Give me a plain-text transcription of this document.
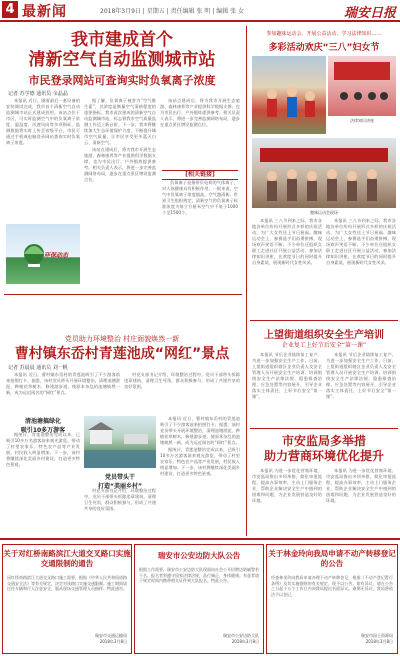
4 最新闻	2018年3月9日 | 星期五 | 责任编辑 张 明 | 编辑 张 女	瑞安日报
我市建成首个
清新空气自动监测城市站
市民登录网站可查询实时负氧离子浓度
记者 苏学德 通讯员 余晶晶

本报讯 近日，随着最后一套设备的安装调试完成，我市首个清新空气自动监测城市站正式建成投用。该站点位于市区，可实时监测空气中的负氧离子浓度、温湿度、风速风向等多项指标，监测数据将实时上传至省级平台，市民可通过手机或电脑登录网站查询实时负氧离子浓度。

环保动态

据了解，负氧离子被誉为“空气维生素”，其浓度是衡量空气清新程度的重要指标。我市此次建成的清新空气自动监测城市站，标志着我市空气质量监测工作迈上新台阶。下一步，我市将继续加大生态环境保护力度，不断提升城市空气质量，让市民享受更多蓝天白云、清新空气。

该站点建成后，将为我市开展生态旅游、森林康养等产业提供科学数据支撑，也为市民出行、户外锻炼提供参考。相关负责人表示，将进一步完善监测网络布局，逐步在重点景区增设监测点位。

该站点建成后，将为我市开展生态旅游、森林康养等产业提供科学数据支撑，也为市民出行、户外锻炼提供参考。相关负责人表示，将进一步完善监测网络布局，逐步在重点景区增设监测点位。

[相关链接]

负氧离子是指带负电荷的气体离子，对人体健康具有积极作用。一般来说，空气中负氧离子浓度越高，空气越清新。世界卫生组织规定，清新空气的负氧离子标准浓度为每立方厘米空气中不低于1000个至1500个。

党员助力环境整治 村庄面貌焕然一新
曹村镇东岙村青莲池成“网红”景点
记者 苏晨晨 通讯员 刘一帆

本报讯 近日，曹村镇东岙村的青莲池吸引了不少游客前来拍照打卡。据悉，该村党员带头开展环境整治，清理池塘淤泥，种植花草树木，修建游步道，使原本杂乱的池塘焕然一新，成为远近闻名的“网红”景点。

村党支部书记介绍，环境整治过程中，党员干部带头拆除违章建筑，清理卫生死角，群众积极参与，形成了共建共享的良好氛围。

清池塘搞绿化
吸引10多万游客

据统计，青莲池整治完成以来，已吸引10多万名游客前来观光游览，带动了村里农家乐、特色农产品等产业发展，村民收入明显增加。下一步，该村将继续深化美丽乡村建设，打造更多特色景观。

党员带头干
打造“美丽乡村”

村党支部书记介绍，环境整治过程中，党员干部带头拆除违章建筑，清理卫生死角，群众积极参与，形成了共建共享的良好氛围。

本报讯 近日，曹村镇东岙村的青莲池吸引了不少游客前来拍照打卡。据悉，该村党员带头开展环境整治，清理池塘淤泥，种植花草树木，修建游步道，使原本杂乱的池塘焕然一新，成为远近闻名的“网红”景点。

据统计，青莲池整治完成以来，已吸引10多万名游客前来观光游览，带动了村里农家乐、特色农产品等产业发展，村民收入明显增加。下一步，该村将继续深化美丽乡村建设，打造更多特色景观。

参加趣味运动会、开展公益活动、学习法律知识……
多彩活动欢庆“三八”妇女节
法律知识讲座
趣味运动会现场

本报讯 三八节到来之际，我市各地各单位纷纷开展形式多样的庆祝活动，为广大女性送上节日祝福。趣味运动会上，参赛选手们奋勇拼搏，现场欢声笑语不断。不少单位还组织女职工走进社区开展公益活动，参加法律知识讲座，在欢度节日的同时提升自身素质，展现新时代女性风采。

本报讯 三八节到来之际，我市各地各单位纷纷开展形式多样的庆祝活动，为广大女性送上节日祝福。趣味运动会上，参赛选手们奋勇拼搏，现场欢声笑语不断。不少单位还组织女职工走进社区开展公益活动，参加法律知识讲座，在欢度节日的同时提升自身素质，展现新时代女性风采。

上望街道组织安全生产培训
企业复工上好节后安全“第一课”

本报讯 节后企业陆续复工复产，为进一步加强安全生产工作，日前，上望街道组织辖区企业负责人及安全管理人员开展安全生产培训。培训围绕安全生产法律法规、隐患排查治理、应急处置等内容展开，引导企业落实主体责任，上好节后安全“第一课”。

本报讯 节后企业陆续复工复产，为进一步加强安全生产工作，日前，上望街道组织辖区企业负责人及安全管理人员开展安全生产培训。培训围绕安全生产法律法规、隐患排查治理、应急处置等内容展开，引导企业落实主体责任，上好节后安全“第一课”。

市安监局多举措
助力营商环境优化提升

本报讯 为进一步优化营商环境，市安监局推出多项举措，简化审批流程，提高办事效率，主动上门服务企业，帮助企业解决安全生产中遇到的困难和问题，为企业发展营造良好的环境。

本报讯 为进一步优化营商环境，市安监局推出多项举措，简化审批流程，提高办事效率，主动上门服务企业，帮助企业解决安全生产中遇到的困难和问题，为企业发展营造良好的环境。

关于对红桥南路滨江大道交叉路口实施交通限制的通告
因红桥南路滨江大道交叉路口施工需要，根据《中华人民共和国道路交通安全法》等有关规定，决定对该路口实施交通限制。施工期间请过往车辆和行人注意安全，服从现场交通管理人员指挥。特此通告。
瑞安市交通运输局
2018年3月8日
瑞安市公安边防大队公告
根据工作需要，瑞安市公安边防大队现面向社会公开招聘边防辅警若干名。报名者须遵守国家法律法规，品行端正，身体健康。有意者请于规定时间内携带相关证件到大队报名。特此公告。
瑞安市公安边防大队
2018年3月8日
关于林金玲向我局申请不动产转移登记的公告
经查林金玲向我局申请办理不动产转移登记，根据《不动产登记暂行条例》及其实施细则的有关规定，现予以公告。如有异议，请在公告之日起十五个工作日内向我局提出书面异议。逾期无异议，我局将依法予以登记。
瑞安市国土资源局
2018年3月8日
